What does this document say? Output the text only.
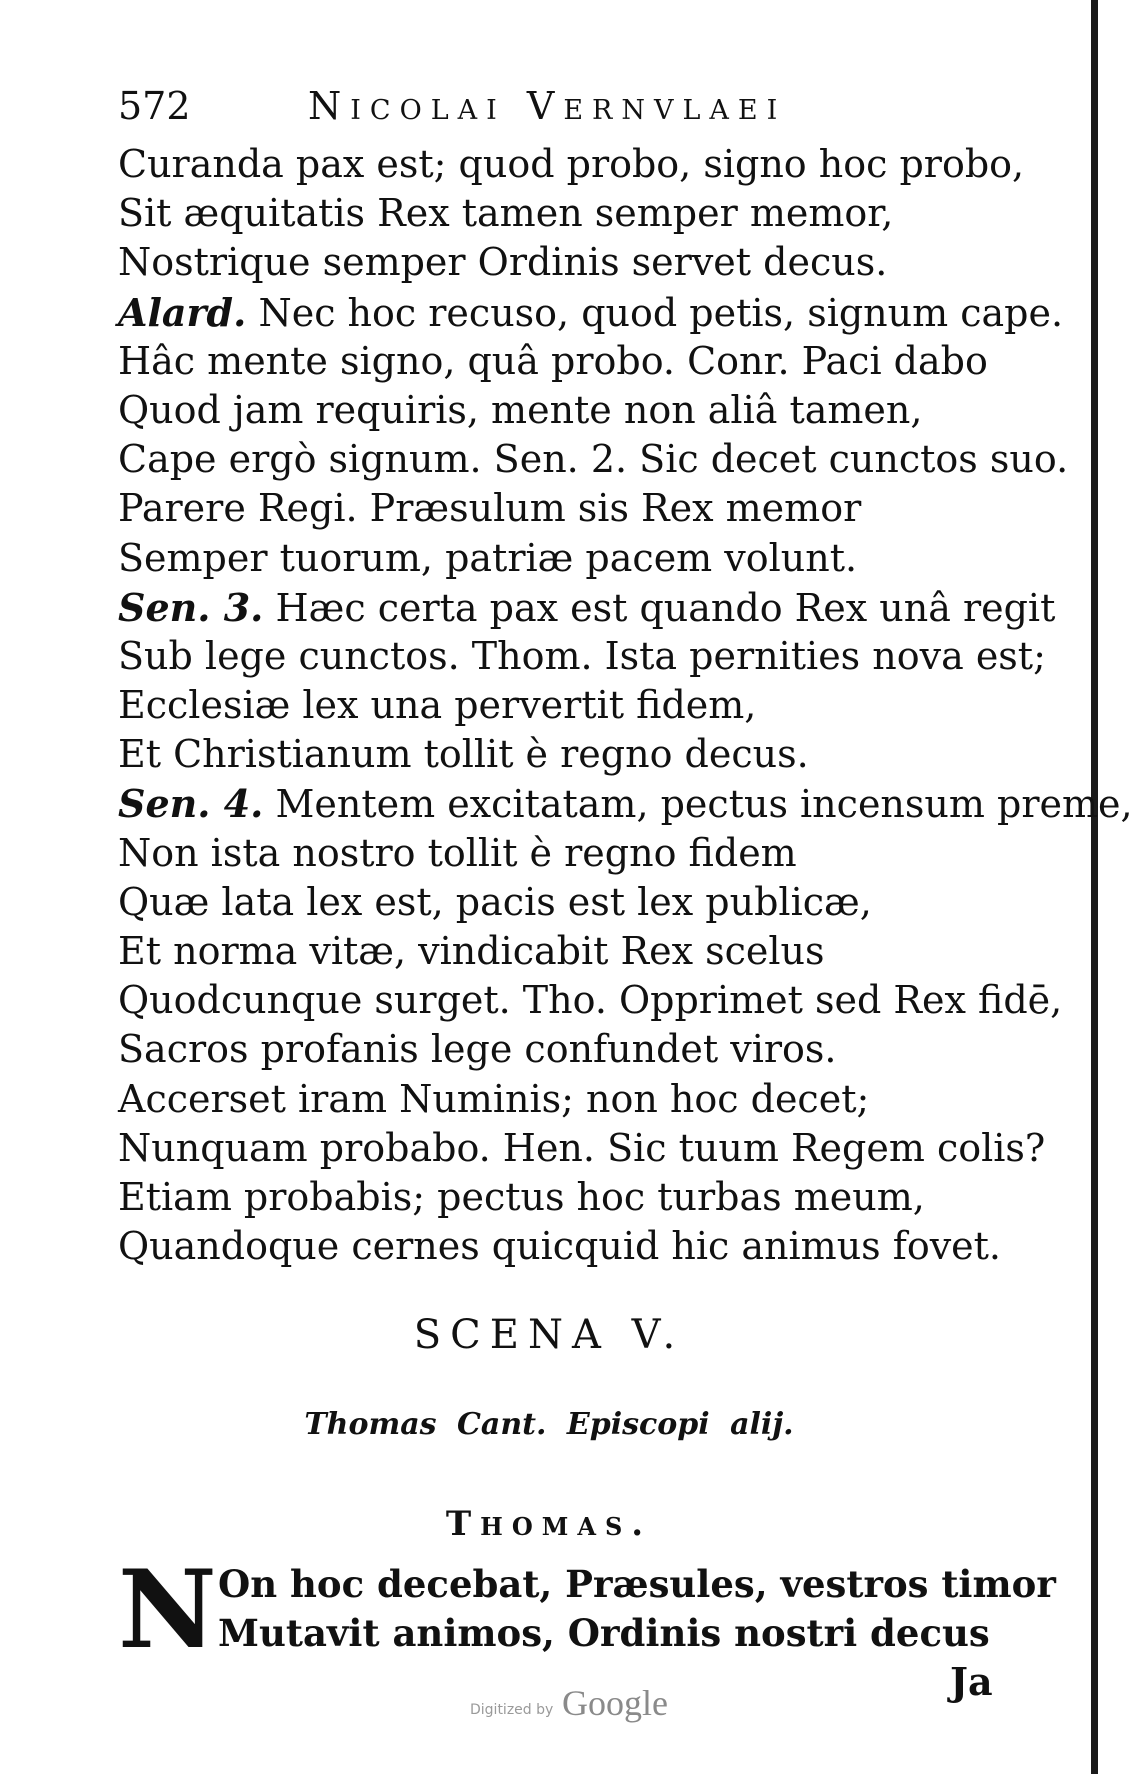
572	Nicolai Vernvlaei
Curanda pax est; quod probo, signo hoc probo,
Sit æquitatis Rex tamen semper memor,
Nostrique semper Ordinis servet decus.
Alard. Nec hoc recuso, quod petis, signum cape.
Hâc mente signo, quâ probo. Conr. Paci dabo
Quod jam requiris, mente non aliâ tamen,
Cape ergò signum. Sen. 2. Sic decet cunctos suo.
Parere Regi. Præsulum sis Rex memor
Semper tuorum, patriæ pacem volunt.
Sen. 3. Hæc certa pax est quando Rex unâ regit
Sub lege cunctos. Thom. Ista pernities nova est;
Ecclesiæ lex una pervertit fidem,
Et Christianum tollit è regno decus.
Sen. 4. Mentem excitatam, pectus incensum preme,
Non ista nostro tollit è regno fidem
Quæ lata lex est, pacis est lex publicæ,
Et norma vitæ, vindicabit Rex scelus
Quodcunque surget. Tho. Opprimet sed Rex fidē,
Sacros profanis lege confundet viros.
Accerset iram Numinis; non hoc decet;
Nunquam probabo. Hen. Sic tuum Regem colis?
Etiam probabis; pectus hoc turbas meum,
Quandoque cernes quicquid hic animus fovet.
SCENA V.
Thomas Cant. Episcopi alij.
Thomas.
N On hoc decebat, Præsules, vestros timor
Mutavit animos, Ordinis nostri decus
Ja
Digitized by Google
